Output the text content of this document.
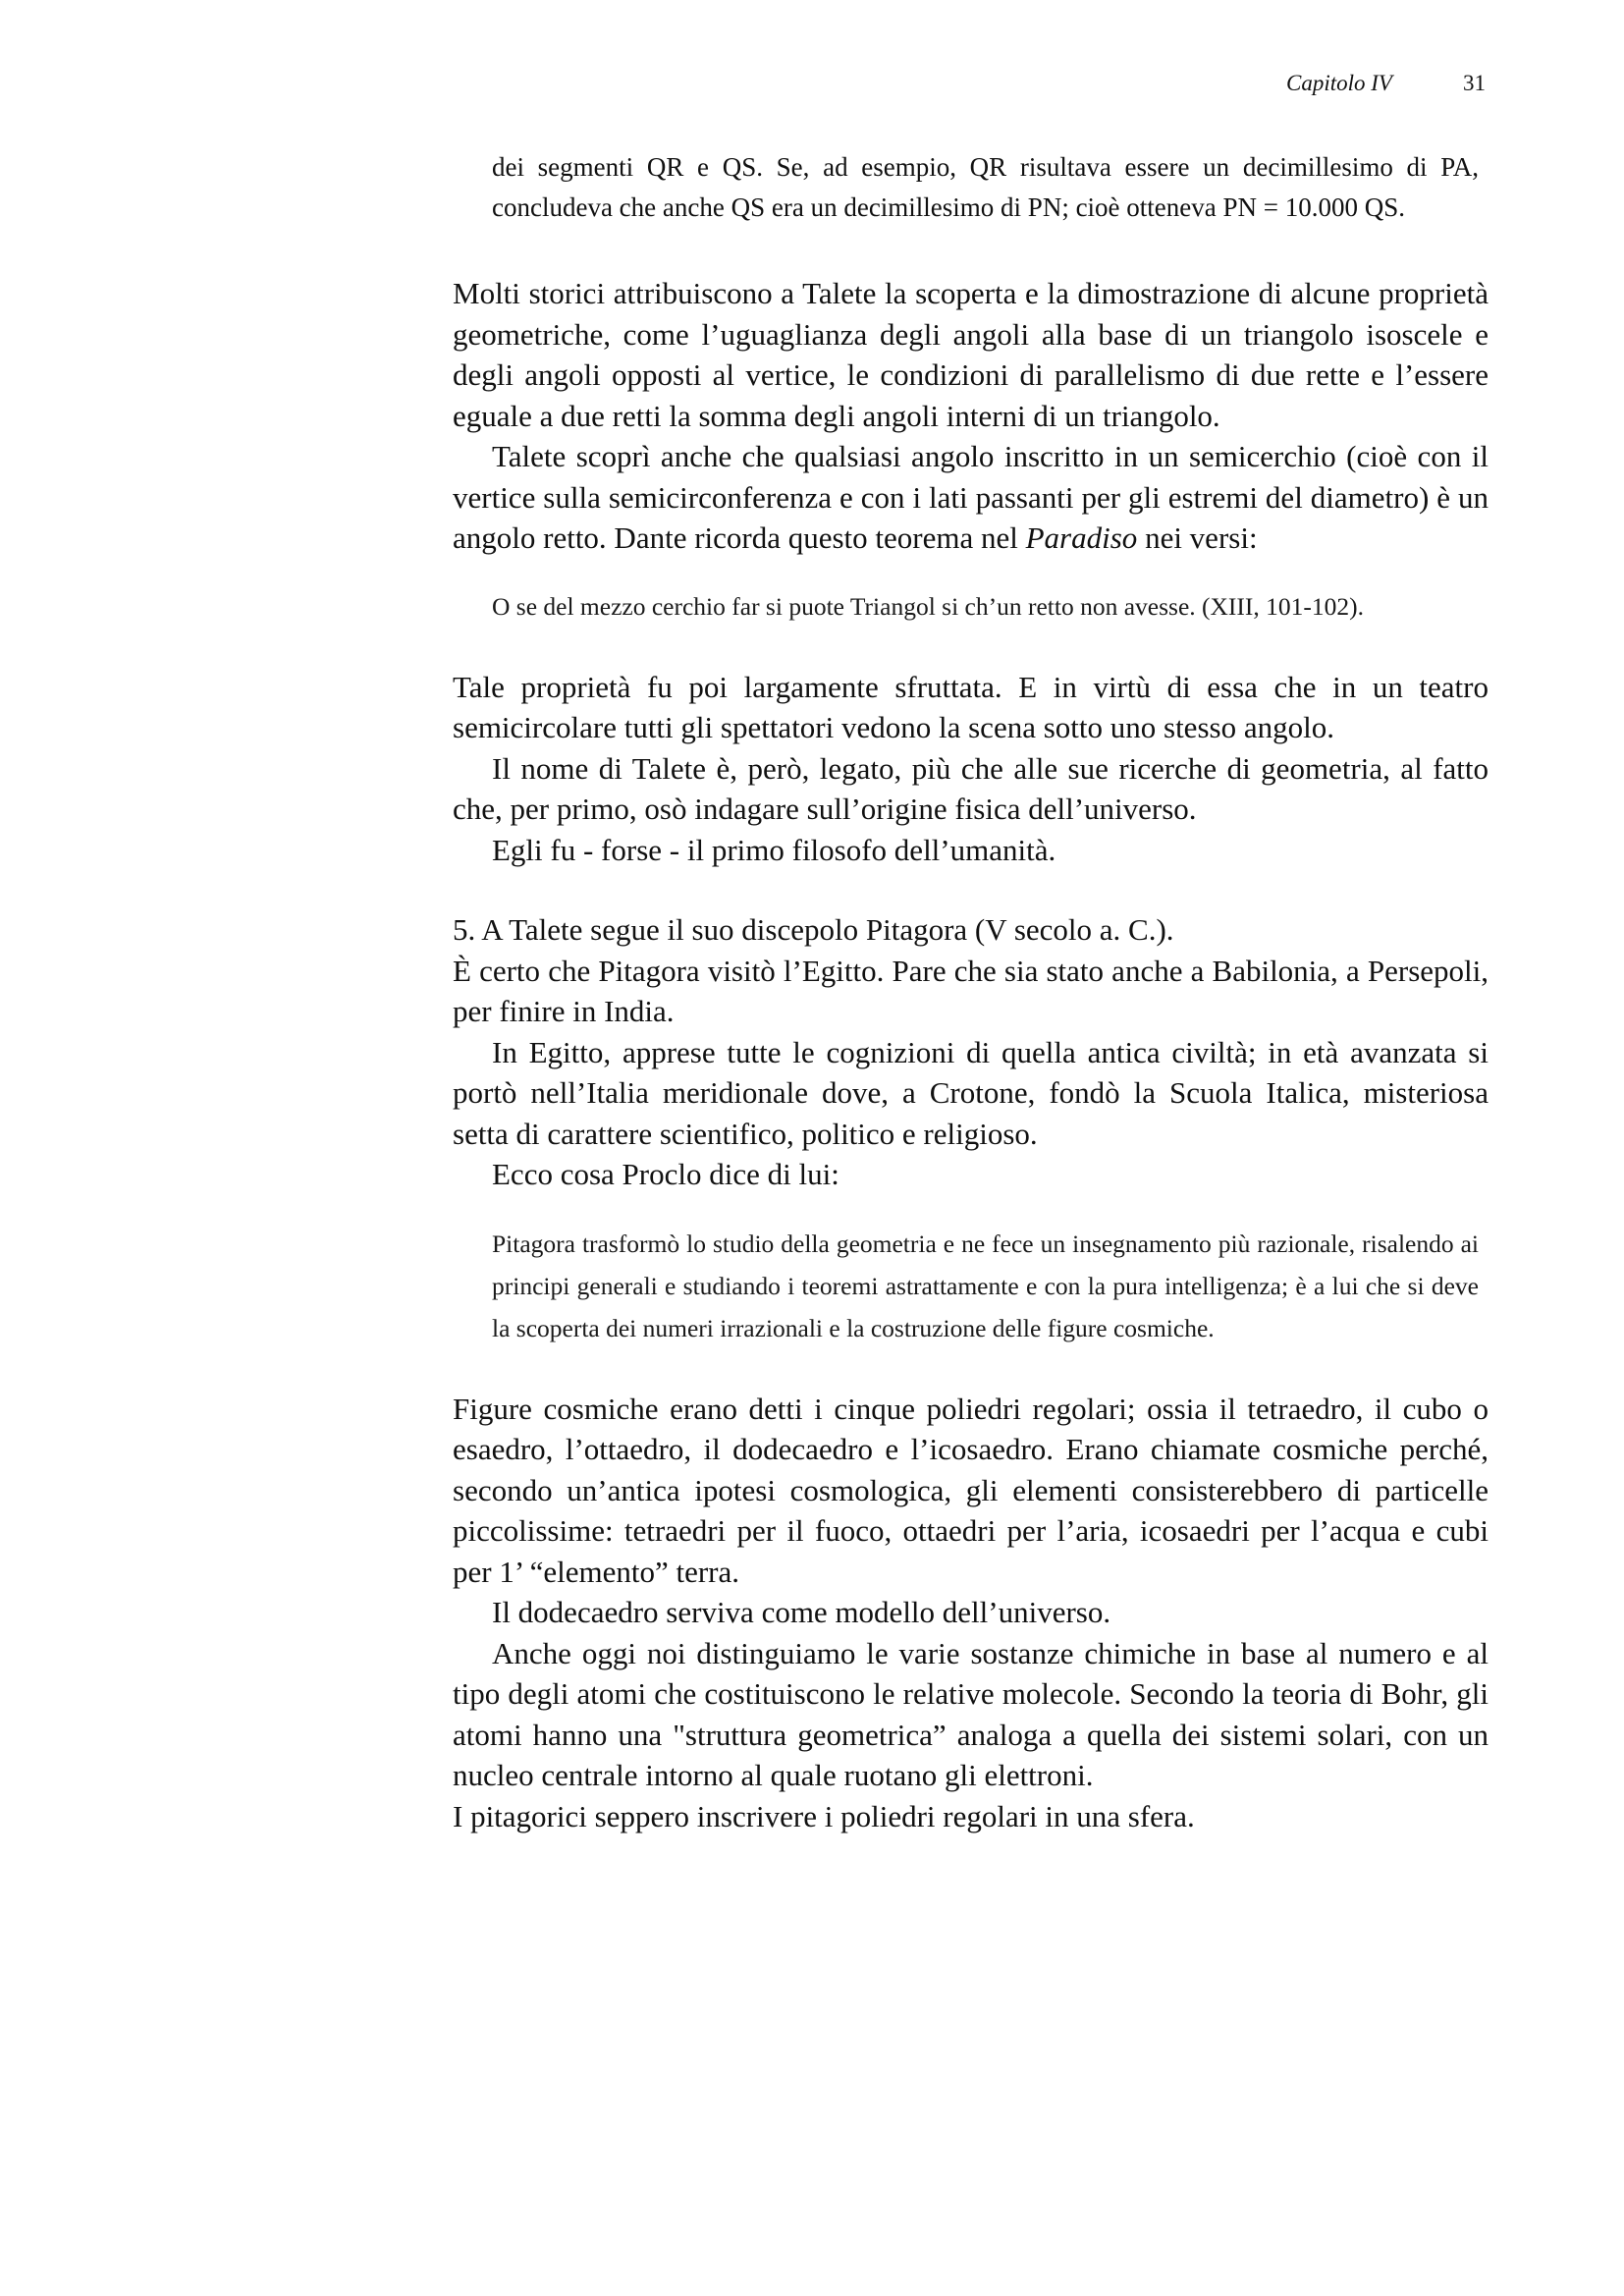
Capitolo IV	31
dei segmenti QR e QS. Se, ad esempio, QR risultava essere un decimillesimo di PA, concludeva che anche QS era un decimillesimo di PN; cioè otteneva PN = 10.000 QS.

Molti storici attribuiscono a Talete la scoperta e la dimostrazione di alcune proprietà geometriche, come l’uguaglianza degli angoli alla base di un triangolo isoscele e degli angoli opposti al vertice, le condizioni di parallelismo di due rette e l’essere eguale a due retti la somma degli angoli interni di un triangolo.

Talete scoprì anche che qualsiasi angolo inscritto in un semicerchio (cioè con il vertice sulla semicirconferenza e con i lati passanti per gli estremi del diametro) è un angolo retto. Dante ricorda questo teorema nel Paradiso nei versi:

O se del mezzo cerchio far si puote Triangol si ch’un retto non avesse. (XIII, 101-102).

Tale proprietà fu poi largamente sfruttata. E in virtù di essa che in un teatro semicircolare tutti gli spettatori vedono la scena sotto uno stesso angolo.

Il nome di Talete è, però, legato, più che alle sue ricerche di geometria, al fatto che, per primo, osò indagare sull’origine fisica dell’universo.

Egli fu - forse - il primo filosofo dell’umanità.

5. A Talete segue il suo discepolo Pitagora (V secolo a. C.).

È certo che Pitagora visitò l’Egitto. Pare che sia stato anche a Babilonia, a Persepoli, per finire in India.

In Egitto, apprese tutte le cognizioni di quella antica civiltà; in età avanzata si portò nell’Italia meridionale dove, a Crotone, fondò la Scuola Italica, misteriosa setta di carattere scientifico, politico e religioso.

Ecco cosa Proclo dice di lui:

Pitagora trasformò lo studio della geometria e ne fece un insegnamento più razionale, risalendo ai principi generali e studiando i teoremi astrattamente e con la pura intelligenza; è a lui che si deve la scoperta dei numeri irrazionali e la costruzione delle figure cosmiche.

Figure cosmiche erano detti i cinque poliedri regolari; ossia il tetraedro, il cubo o esaedro, l’ottaedro, il dodecaedro e l’icosaedro. Erano chiamate cosmiche perché, secondo un’antica ipotesi cosmologica, gli elementi consisterebbero di particelle piccolissime: tetraedri per il fuoco, ottaedri per l’aria, icosaedri per l’acqua e cubi per 1’ “elemento” terra.

Il dodecaedro serviva come modello dell’universo.

Anche oggi noi distinguiamo le varie sostanze chimiche in base al numero e al tipo degli atomi che costituiscono le relative molecole. Secondo la teoria di Bohr, gli atomi hanno una "struttura geometrica” analoga a quella dei sistemi solari, con un nucleo centrale intorno al quale ruotano gli elettroni.

I pitagorici seppero inscrivere i poliedri regolari in una sfera.
